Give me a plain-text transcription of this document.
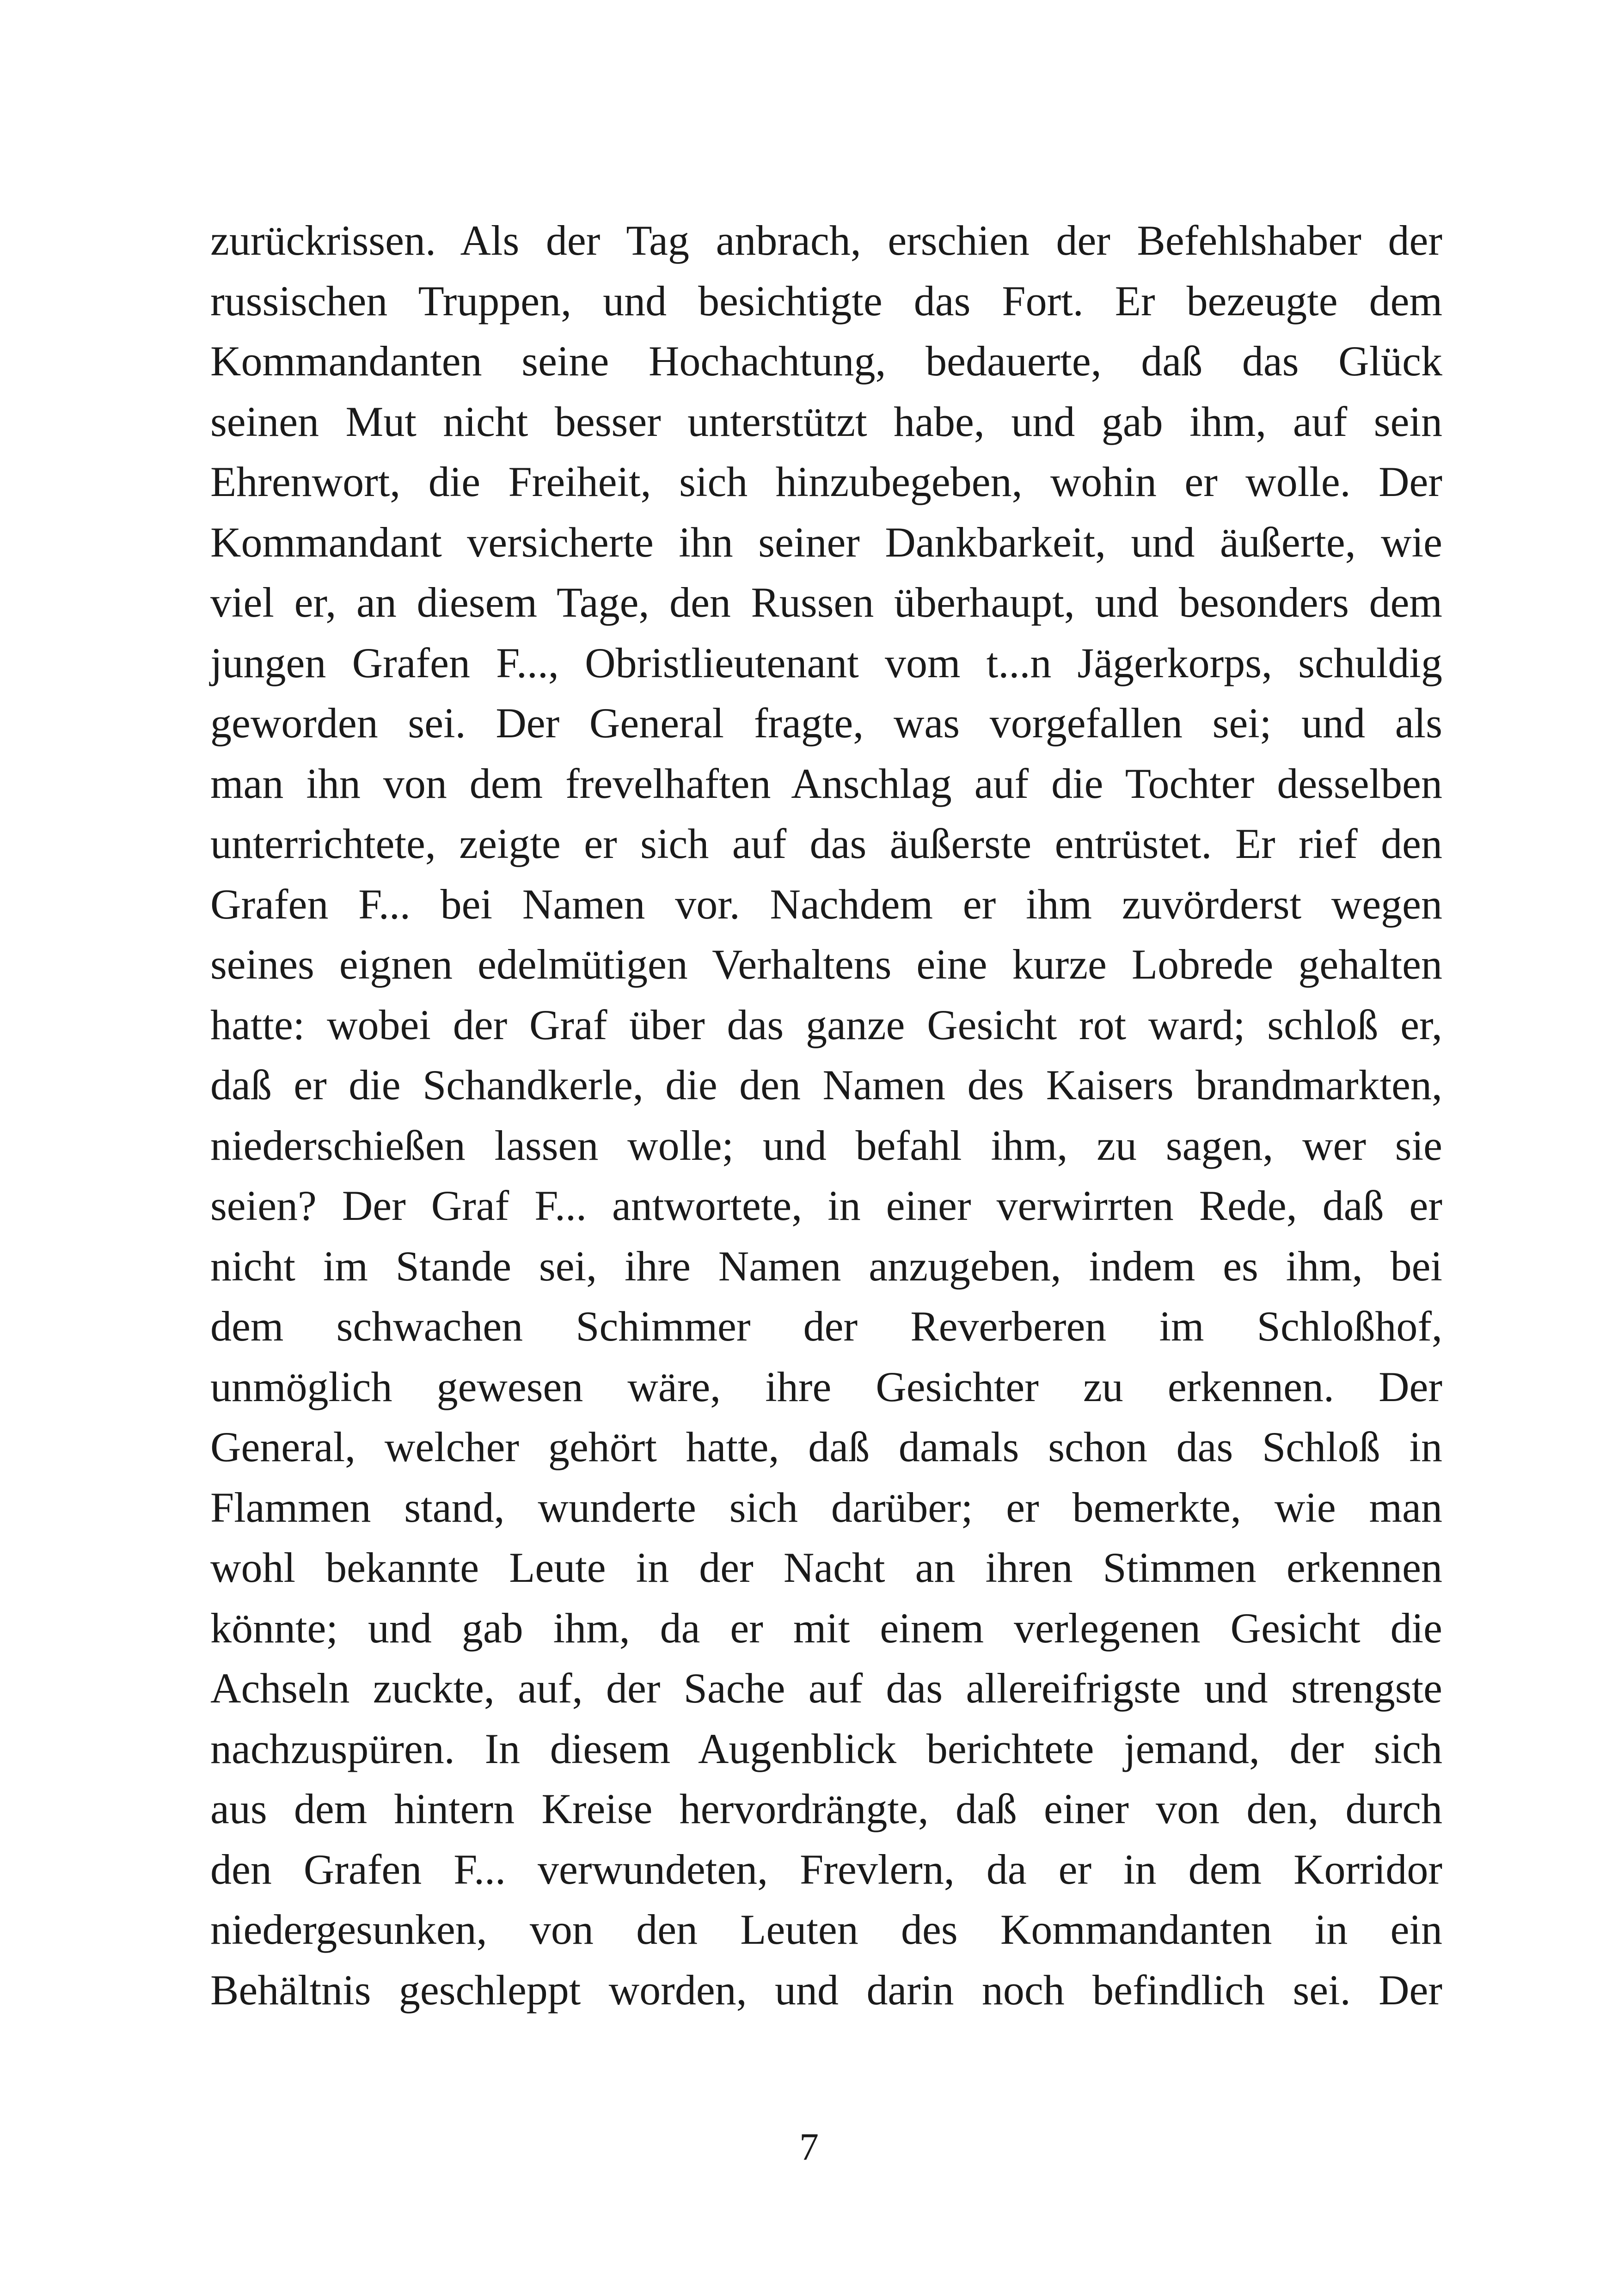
zurückrissen. Als der Tag anbrach, erschien der Befehlshaber der
russischen Truppen, und besichtigte das Fort. Er bezeugte dem
Kommandanten seine Hochachtung, bedauerte, daß das Glück
seinen Mut nicht besser unterstützt habe, und gab ihm, auf sein
Ehrenwort, die Freiheit, sich hinzubegeben, wohin er wolle. Der
Kommandant versicherte ihn seiner Dankbarkeit, und äußerte, wie
viel er, an diesem Tage, den Russen überhaupt, und besonders dem
jungen Grafen F..., Obristlieutenant vom t...n Jägerkorps, schuldig
geworden sei. Der General fragte, was vorgefallen sei; und als
man ihn von dem frevelhaften Anschlag auf die Tochter desselben
unterrichtete, zeigte er sich auf das äußerste entrüstet. Er rief den
Grafen F... bei Namen vor. Nachdem er ihm zuvörderst wegen
seines eignen edelmütigen Verhaltens eine kurze Lobrede gehalten
hatte: wobei der Graf über das ganze Gesicht rot ward; schloß er,
daß er die Schandkerle, die den Namen des Kaisers brandmarkten,
niederschießen lassen wolle; und befahl ihm, zu sagen, wer sie
seien? Der Graf F... antwortete, in einer verwirrten Rede, daß er
nicht im Stande sei, ihre Namen anzugeben, indem es ihm, bei
dem schwachen Schimmer der Reverberen im Schloßhof,
unmöglich gewesen wäre, ihre Gesichter zu erkennen. Der
General, welcher gehört hatte, daß damals schon das Schloß in
Flammen stand, wunderte sich darüber; er bemerkte, wie man
wohl bekannte Leute in der Nacht an ihren Stimmen erkennen
könnte; und gab ihm, da er mit einem verlegenen Gesicht die
Achseln zuckte, auf, der Sache auf das allereifrigste und strengste
nachzuspüren. In diesem Augenblick berichtete jemand, der sich
aus dem hintern Kreise hervordrängte, daß einer von den, durch
den Grafen F... verwundeten, Frevlern, da er in dem Korridor
niedergesunken, von den Leuten des Kommandanten in ein
Behältnis geschleppt worden, und darin noch befindlich sei. Der
7
